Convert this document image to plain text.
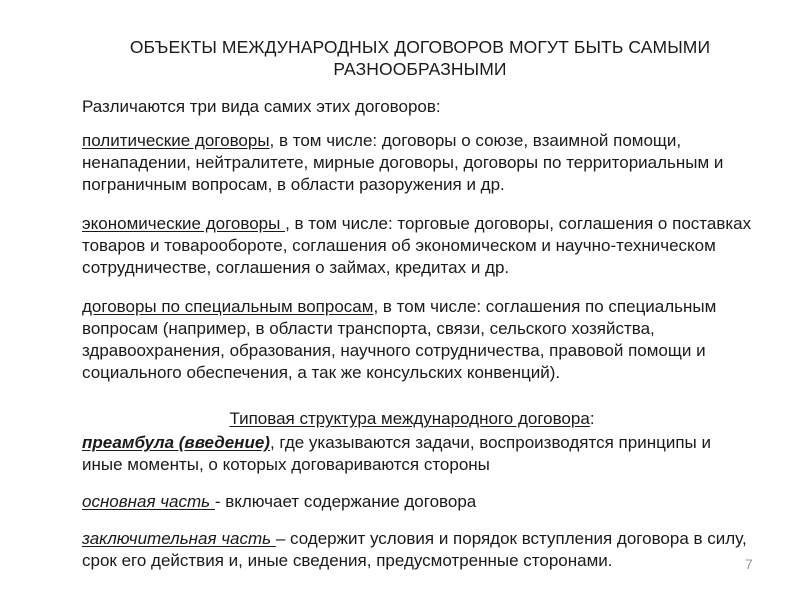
ОБЪЕКТЫ МЕЖДУНАРОДНЫХ ДОГОВОРОВ МОГУТ БЫТЬ САМЫМИ РАЗНООБРАЗНЫМИ
Различаются три вида самих этих договоров:
политические договоры, в том числе: договоры о союзе, взаимной помощи, ненападении, нейтралитете, мирные договоры, договоры по территориальным и пограничным вопросам, в области разоружения и др.
экономические договоры , в том числе: торговые договоры, соглашения о поставках товаров и товарообороте, соглашения об экономическом и научно-техническом сотрудничестве, соглашения о займах, кредитах и др.
договоры по специальным вопросам, в том числе: соглашения по специальным вопросам (например, в области транспорта, связи, сельского хозяйства, здравоохранения, образования, научного сотрудничества, правовой помощи и социального обеспечения, а так же консульских конвенций).
Типовая структура международного договора:
преамбула (введение), где указываются задачи, воспроизводятся принципы и иные моменты, о которых договариваются стороны
основная часть - включает содержание договора
заключительная часть – содержит условия и порядок вступления договора в силу, срок его действия и, иные сведения, предусмотренные сторонами.	7
